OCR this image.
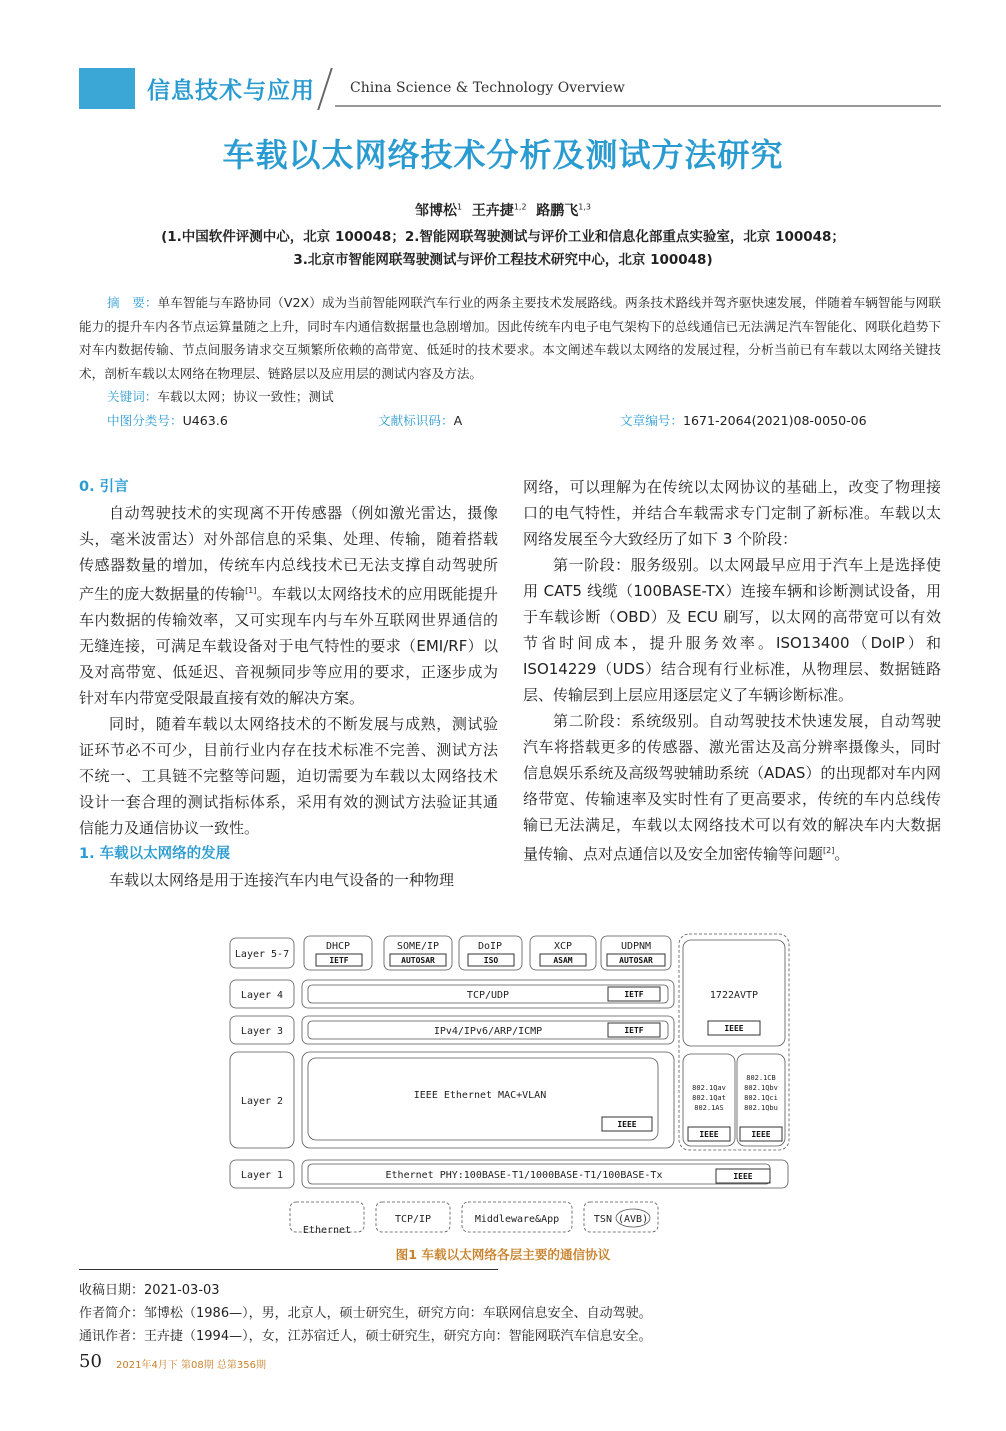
信息技术与应用	China Science & Technology Overview
车载以太网络技术分析及测试方法研究
邹博松$^1$ 王卉捷$^{1,2}$ 路鹏飞$^{1,3}$
(1.中国软件评测中心，北京 100048；2.智能网联驾驶测试与评价工业和信息化部重点实验室，北京 100048；
3.北京市智能网联驾驶测试与评价工程技术研究中心，北京 100048)
摘　要：单车智能与车路协同（V2X）成为当前智能网联汽车行业的两条主要技术发展路线。两条技术路线并驾齐驱快速发展，伴随着车辆智能与网联能力的提升车内各节点运算量随之上升，同时车内通信数据量也急剧增加。因此传统车内电子电气架构下的总线通信已无法满足汽车智能化、网联化趋势下对车内数据传输、节点间服务请求交互频繁所依赖的高带宽、低延时的技术要求。本文阐述车载以太网络的发展过程，分析当前已有车载以太网络关键技术，剖析车载以太网络在物理层、链路层以及应用层的测试内容及方法。
关键词：车载以太网；协议一致性；测试
中图分类号：U463.6	文献标识码：A	文章编号：1671-2064(2021)08-0050-06

0. 引言

自动驾驶技术的实现离不开传感器（例如激光雷达，摄像头，毫米波雷达）对外部信息的采集、处理、传输，随着搭载传感器数量的增加，传统车内总线技术已无法支撑自动驾驶所产生的庞大数据量的传输[1]。车载以太网络技术的应用既能提升车内数据的传输效率，又可实现车内与车外互联网世界通信的无缝连接，可满足车载设备对于电气特性的要求（EMI/RF）以及对高带宽、低延迟、音视频同步等应用的要求，正逐步成为针对车内带宽受限最直接有效的解决方案。

同时，随着车载以太网络技术的不断发展与成熟，测试验证环节必不可少，目前行业内存在技术标准不完善、测试方法不统一、工具链不完整等问题，迫切需要为车载以太网络技术设计一套合理的测试指标体系，采用有效的测试方法验证其通信能力及通信协议一致性。

1. 车载以太网络的发展

车载以太网络是用于连接汽车内电气设备的一种物理

网络，可以理解为在传统以太网协议的基础上，改变了物理接口的电气特性，并结合车载需求专门定制了新标准。车载以太网络发展至今大致经历了如下 3 个阶段：

第一阶段：服务级别。以太网最早应用于汽车上是选择使用 CAT5 线缆（100BASE-TX）连接车辆和诊断测试设备，用于车载诊断（OBD）及 ECU 刷写，以太网的高带宽可以有效节省时间成本，提升服务效率。ISO13400（DoIP）和 ISO14229（UDS）结合现有行业标准，从物理层、数据链路层、传输层到上层应用逐层定义了车辆诊断标准。

第二阶段：系统级别。自动驾驶技术快速发展，自动驾驶汽车将搭载更多的传感器、激光雷达及高分辨率摄像头，同时信息娱乐系统及高级驾驶辅助系统（ADAS）的出现都对车内网络带宽、传输速率及实时性有了更高要求，传统的车内总线传输已无法满足，车载以太网络技术可以有效的解决车内大数据量传输、点对点通信以及安全加密传输等问题[2]。

Layer 5-7
Layer 4
Layer 3
Layer 2
Layer 1
DHCP	SOME/IP	DoIP	XCP	UDPNM
TCP/UDP
IPv4/IPv6/ARP/ICMP
IEEE Ethernet MAC+VLAN
Ethernet PHY:100BASE-T1/1000BASE-T1/100BASE-Tx
1722AVTP
Ethernet
TCP/IP	Middleware&App	TSN (AVB)
IETF	AUTOSAR	ISO	ASAM	AUTOSAR
IETF
IETF
IEEE
IEEE
IEEE
IEEE	IEEE
802.1Qav
802.1Qat
802.1AS
802.1CB
802.1Qbv
802.1Qci
802.1Qbu
图1 车载以太网络各层主要的通信协议
收稿日期：2021-03-03
作者简介：邹博松（1986—），男，北京人，硕士研究生，研究方向：车联网信息安全、自动驾驶。
通讯作者：王卉捷（1994—），女，江苏宿迁人，硕士研究生，研究方向：智能网联汽车信息安全。
50 2021年4月下 第08期 总第356期
